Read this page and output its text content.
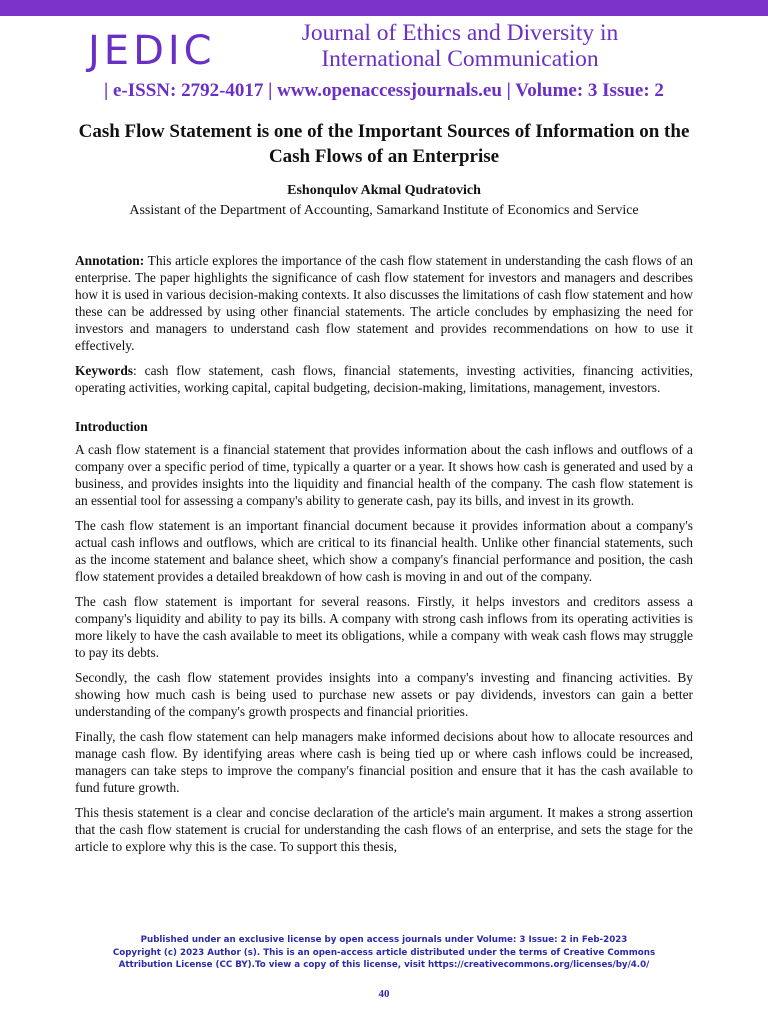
JEDIC	Journal of Ethics and Diversity in International Communication
| e-ISSN: 2792-4017 | www.openaccessjournals.eu | Volume: 3 Issue: 2
Cash Flow Statement is one of the Important Sources of Information on the Cash Flows of an Enterprise
Eshonqulov Akmal Qudratovich
Assistant of the Department of Accounting, Samarkand Institute of Economics and Service

Annotation: This article explores the importance of the cash flow statement in understanding the cash flows of an enterprise. The paper highlights the significance of cash flow statement for investors and managers and describes how it is used in various decision-making contexts. It also discusses the limitations of cash flow statement and how these can be addressed by using other financial statements. The article concludes by emphasizing the need for investors and managers to understand cash flow statement and provides recommendations on how to use it effectively.

Keywords: cash flow statement, cash flows, financial statements, investing activities, financing activities, operating activities, working capital, capital budgeting, decision-making, limitations, management, investors.

Introduction

A cash flow statement is a financial statement that provides information about the cash inflows and outflows of a company over a specific period of time, typically a quarter or a year. It shows how cash is generated and used by a business, and provides insights into the liquidity and financial health of the company. The cash flow statement is an essential tool for assessing a company's ability to generate cash, pay its bills, and invest in its growth.

The cash flow statement is an important financial document because it provides information about a company's actual cash inflows and outflows, which are critical to its financial health. Unlike other financial statements, such as the income statement and balance sheet, which show a company's financial performance and position, the cash flow statement provides a detailed breakdown of how cash is moving in and out of the company.

The cash flow statement is important for several reasons. Firstly, it helps investors and creditors assess a company's liquidity and ability to pay its bills. A company with strong cash inflows from its operating activities is more likely to have the cash available to meet its obligations, while a company with weak cash flows may struggle to pay its debts.

Secondly, the cash flow statement provides insights into a company's investing and financing activities. By showing how much cash is being used to purchase new assets or pay dividends, investors can gain a better understanding of the company's growth prospects and financial priorities.

Finally, the cash flow statement can help managers make informed decisions about how to allocate resources and manage cash flow. By identifying areas where cash is being tied up or where cash inflows could be increased, managers can take steps to improve the company's financial position and ensure that it has the cash available to fund future growth.

This thesis statement is a clear and concise declaration of the article's main argument. It makes a strong assertion that the cash flow statement is crucial for understanding the cash flows of an enterprise, and sets the stage for the article to explore why this is the case. To support this thesis,

Published under an exclusive license by open access journals under Volume: 3 Issue: 2 in Feb-2023
Copyright (c) 2023 Author (s). This is an open-access article distributed under the terms of Creative Commons
Attribution License (CC BY).To view a copy of this license, visit https://creativecommons.org/licenses/by/4.0/
40
